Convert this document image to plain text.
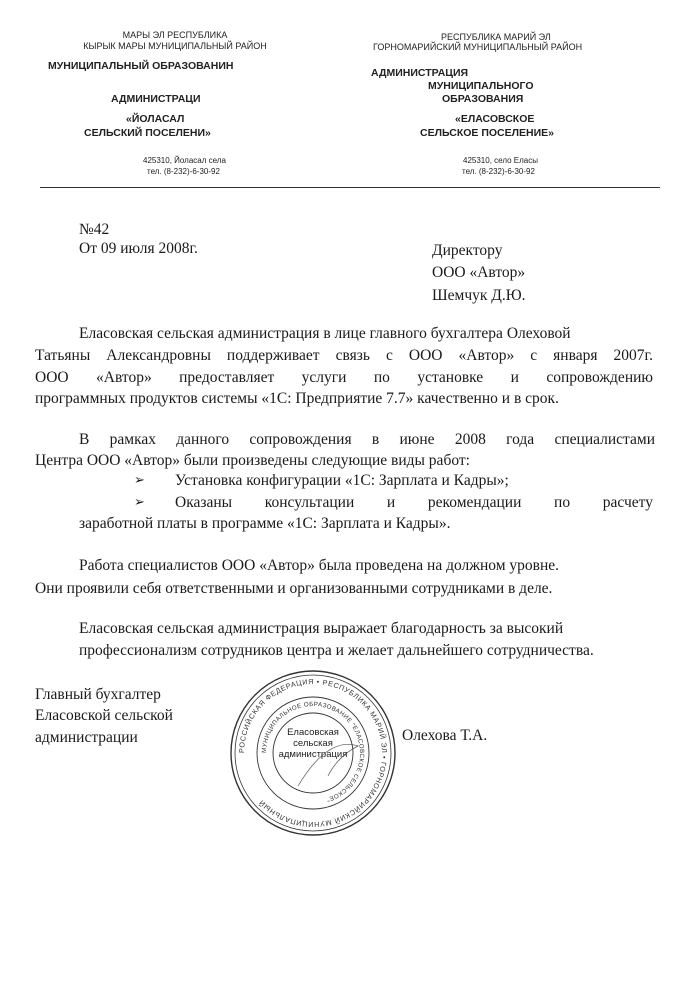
МАРЫ ЭЛ РЕСПУБЛИКА
КЫРЫК МАРЫ МУНИЦИПАЛЬНЫЙ РАЙОН
МУНИЦИПАЛЬНЫЙ ОБРАЗОВАНИН
АДМИНИСТРАЦИ
«ЙОЛАСАЛ
СЕЛЬСКИЙ ПОСЕЛЕНИ»
425310, Йоласал села
тел. (8-232)-6-30-92
РЕСПУБЛИКА МАРИЙ ЭЛ
ГОРНОМАРИЙСКИЙ МУНИЦИПАЛЬНЫЙ РАЙОН
АДМИНИСТРАЦИЯ
МУНИЦИПАЛЬНОГО
ОБРАЗОВАНИЯ
«ЕЛАСОВСКОЕ
СЕЛЬСКОЕ ПОСЕЛЕНИЕ»
425310, село Еласы
тел. (8-232)-6-30-92
№42
От 09 июля 2008г.	Директору
ООО «Автор»
Шемчук Д.Ю.
Еласовская сельская администрация в лице главного бухгалтера Олеховой
Татьяны Александровны поддерживает связь с ООО «Автор» с января 2007г.
ООО «Автор» предоставляет услуги по установке и сопровождению
программных продуктов системы «1С: Предприятие 7.7» качественно и в срок.
В рамках данного сопровождения в июне 2008 года специалистами
Центра ООО «Автор» были произведены следующие виды работ:
➢ Установка конфигурации «1С: Зарплата и Кадры»;
➢ Оказаны консультации и рекомендации по расчету
заработной платы в программе «1С: Зарплата и Кадры».
Работа специалистов ООО «Автор» была проведена на должном уровне.
Они проявили себя ответственными и организованными сотрудниками в деле.
Еласовская сельская администрация выражает благодарность за высокий
профессионализм сотрудников центра и желает дальнейшего сотрудничества.
Главный бухгалтер
Еласовской сельской
администрации	Олехова Т.А.
РОССИЙСКАЯ ФЕДЕРАЦИЯ • РЕСПУБЛИКА МАРИЙ ЭЛ • ГОРНОМАРИЙСКИЙ МУНИЦИПАЛЬНЫЙ
МУНИЦИПАЛЬНОЕ ОБРАЗОВАНИЕ "ЕЛАСОВСКОЕ СЕЛЬСКОЕ"
Еласовская
сельская
администрация
